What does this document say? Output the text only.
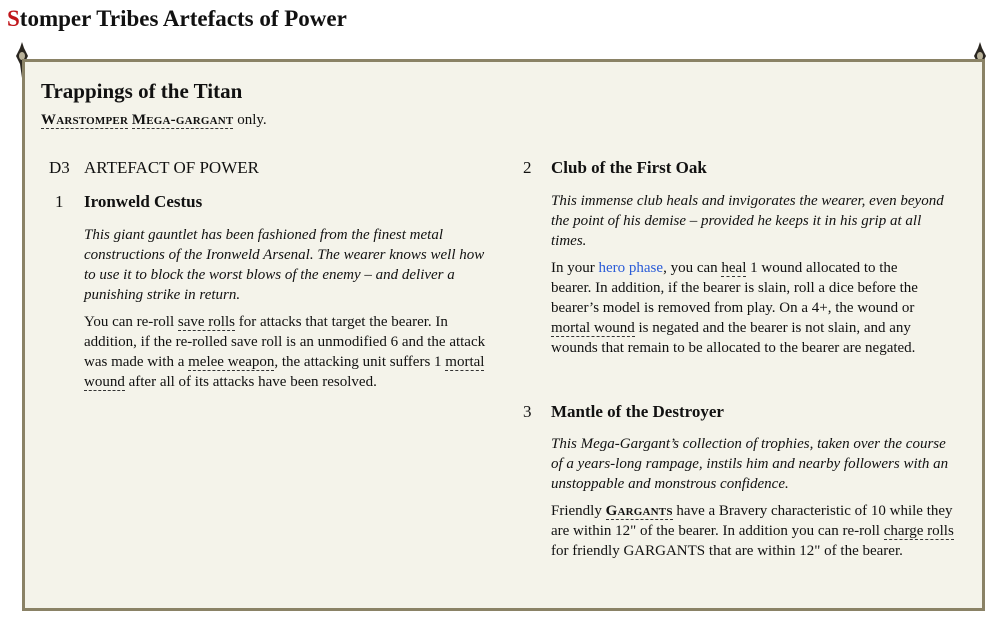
Stomper Tribes Artefacts of Power
Trappings of the Titan
Warstomper Mega-gargant only.
D3 ARTEFACT OF POWER
1 Ironweld Cestus

This giant gauntlet has been fashioned from the finest metal constructions of the Ironweld Arsenal. The wearer knows well how to use it to block the worst blows of the enemy – and deliver a punishing strike in return.

You can re-roll save rolls for attacks that target the bearer. In addition, if the re-rolled save roll is an unmodified 6 and the attack was made with a melee weapon, the attacking unit suffers 1 mortal wound after all of its attacks have been resolved.

2 Club of the First Oak

This immense club heals and invigorates the wearer, even beyond the point of his demise – provided he keeps it in his grip at all times.

In your hero phase, you can heal 1 wound allocated to the bearer. In addition, if the bearer is slain, roll a dice before the bearer’s model is removed from play. On a 4+, the wound or mortal wound is negated and the bearer is not slain, and any wounds that remain to be allocated to the bearer are negated.

3 Mantle of the Destroyer

This Mega-Gargant’s collection of trophies, taken over the course of a years-long rampage, instils him and nearby followers with an unstoppable and monstrous confidence.

Friendly Gargants have a Bravery characteristic of 10 while they are within 12" of the bearer. In addition you can re-roll charge rolls for friendly GARGANTS that are within 12" of the bearer.
